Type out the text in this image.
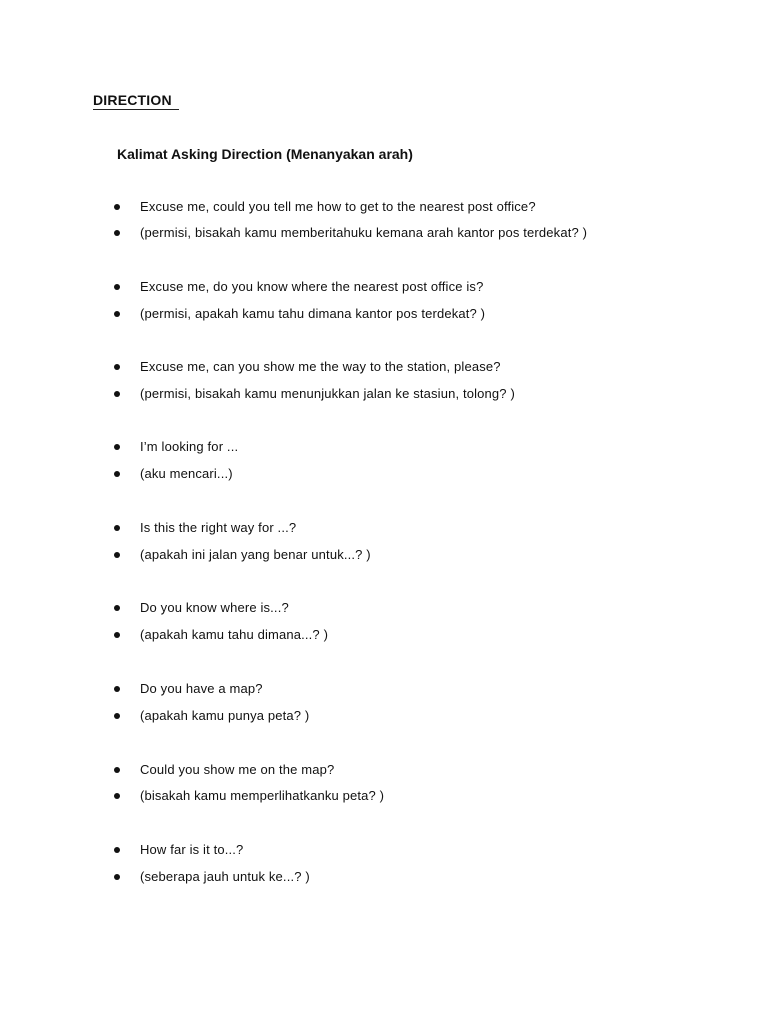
DIRECTION
Kalimat Asking Direction (Menanyakan arah)
Excuse me, could you tell me how to get to the nearest post office?
(permisi, bisakah kamu memberitahuku kemana arah kantor pos terdekat? )
Excuse me, do you know where the nearest post office is?
(permisi, apakah kamu tahu dimana kantor pos terdekat? )
Excuse me, can you show me the way to the station, please?
(permisi, bisakah kamu menunjukkan jalan ke stasiun, tolong? )
I’m looking for ...
(aku mencari...)
Is this the right way for ...?
(apakah ini jalan yang benar untuk...? )
Do you know where is...?
(apakah kamu tahu dimana...? )
Do you have a map?
(apakah kamu punya peta? )
Could you show me on the map?
(bisakah kamu memperlihatkanku peta? )
How far is it to...?
(seberapa jauh untuk ke...? )
